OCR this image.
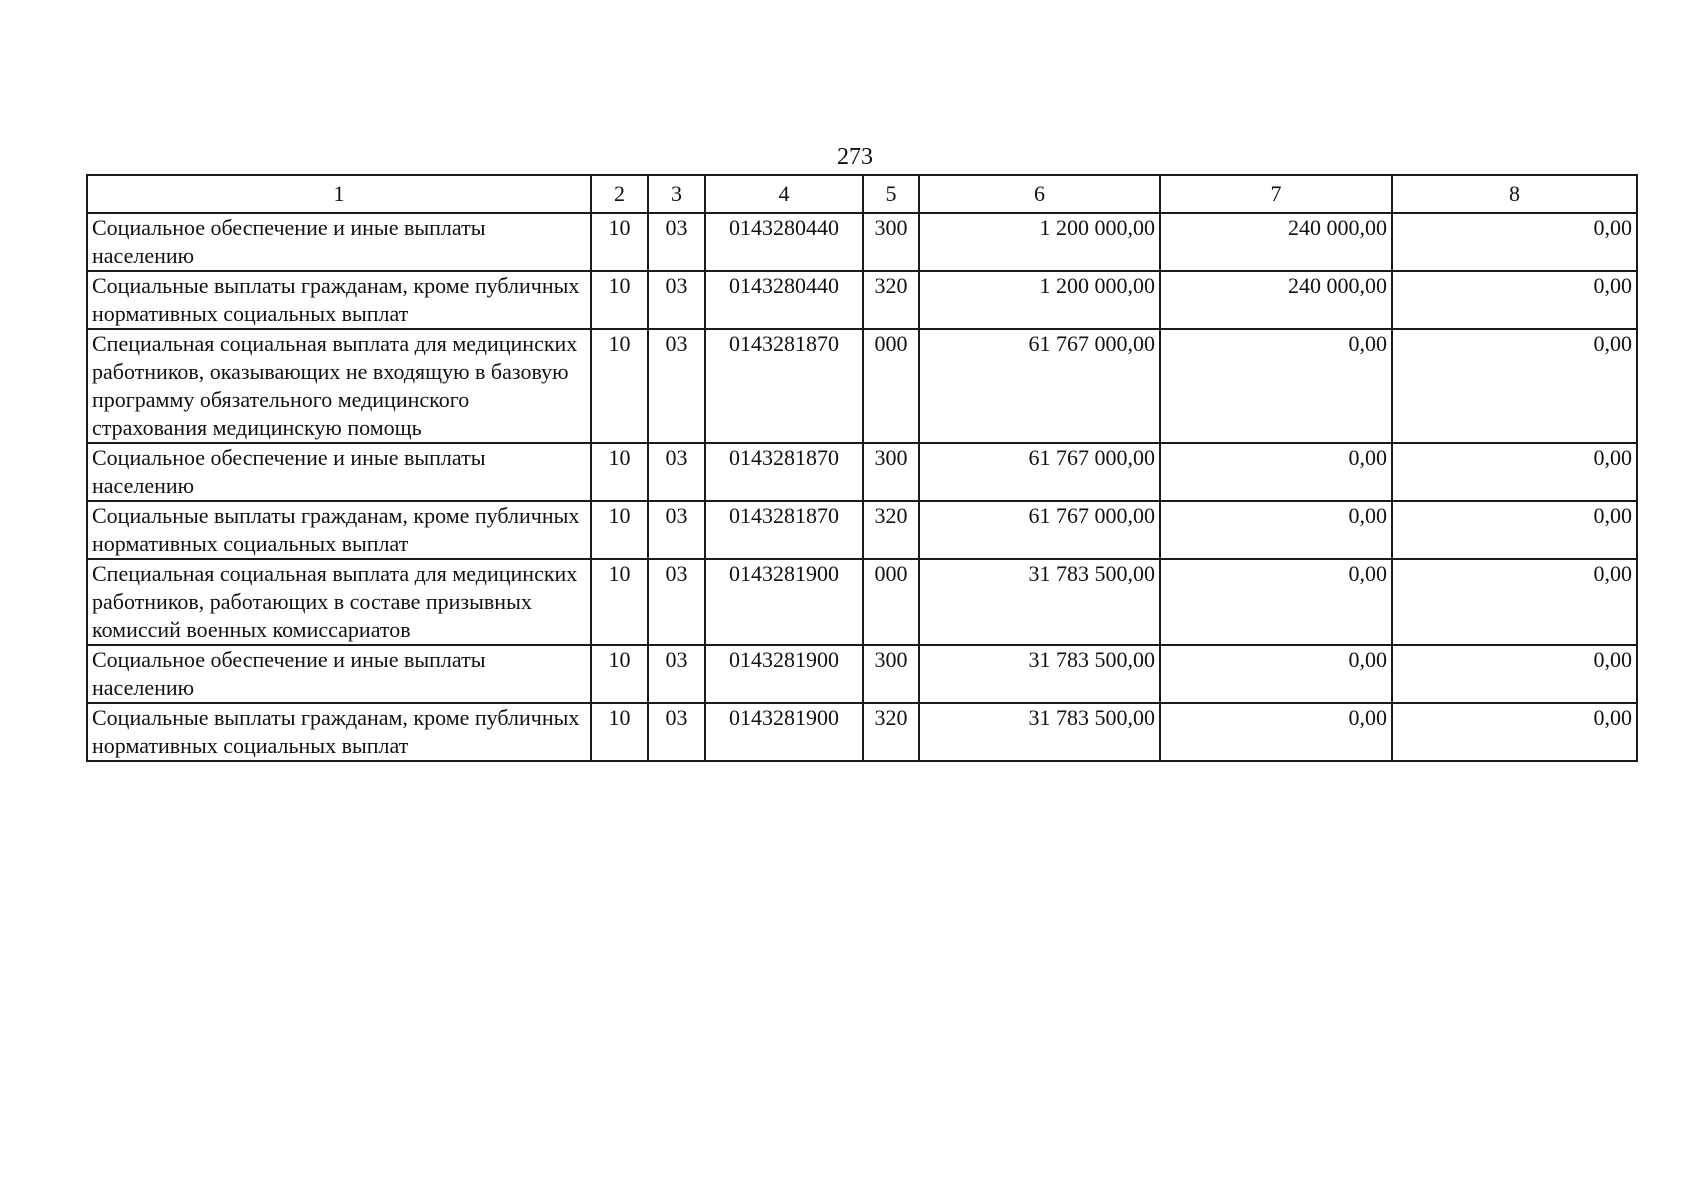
273
1	2	3	4	5	6	7	8
Социальное обеспечение и иные выплаты населению	10	03	0143280440	300	1 200 000,00	240 000,00	0,00
Социальные выплаты гражданам, кроме публичных нормативных социальных выплат	10	03	0143280440	320	1 200 000,00	240 000,00	0,00
Специальная социальная выплата для медицинских работников, оказывающих не входящую в базовую программу обязательного медицинского страхования медицинскую помощь	10	03	0143281870	000	61 767 000,00	0,00	0,00
Социальное обеспечение и иные выплаты населению	10	03	0143281870	300	61 767 000,00	0,00	0,00
Социальные выплаты гражданам, кроме публичных нормативных социальных выплат	10	03	0143281870	320	61 767 000,00	0,00	0,00
Специальная социальная выплата для медицинских работников, работающих в составе призывных комиссий военных комиссариатов	10	03	0143281900	000	31 783 500,00	0,00	0,00
Социальное обеспечение и иные выплаты населению	10	03	0143281900	300	31 783 500,00	0,00	0,00
Социальные выплаты гражданам, кроме публичных нормативных социальных выплат	10	03	0143281900	320	31 783 500,00	0,00	0,00
